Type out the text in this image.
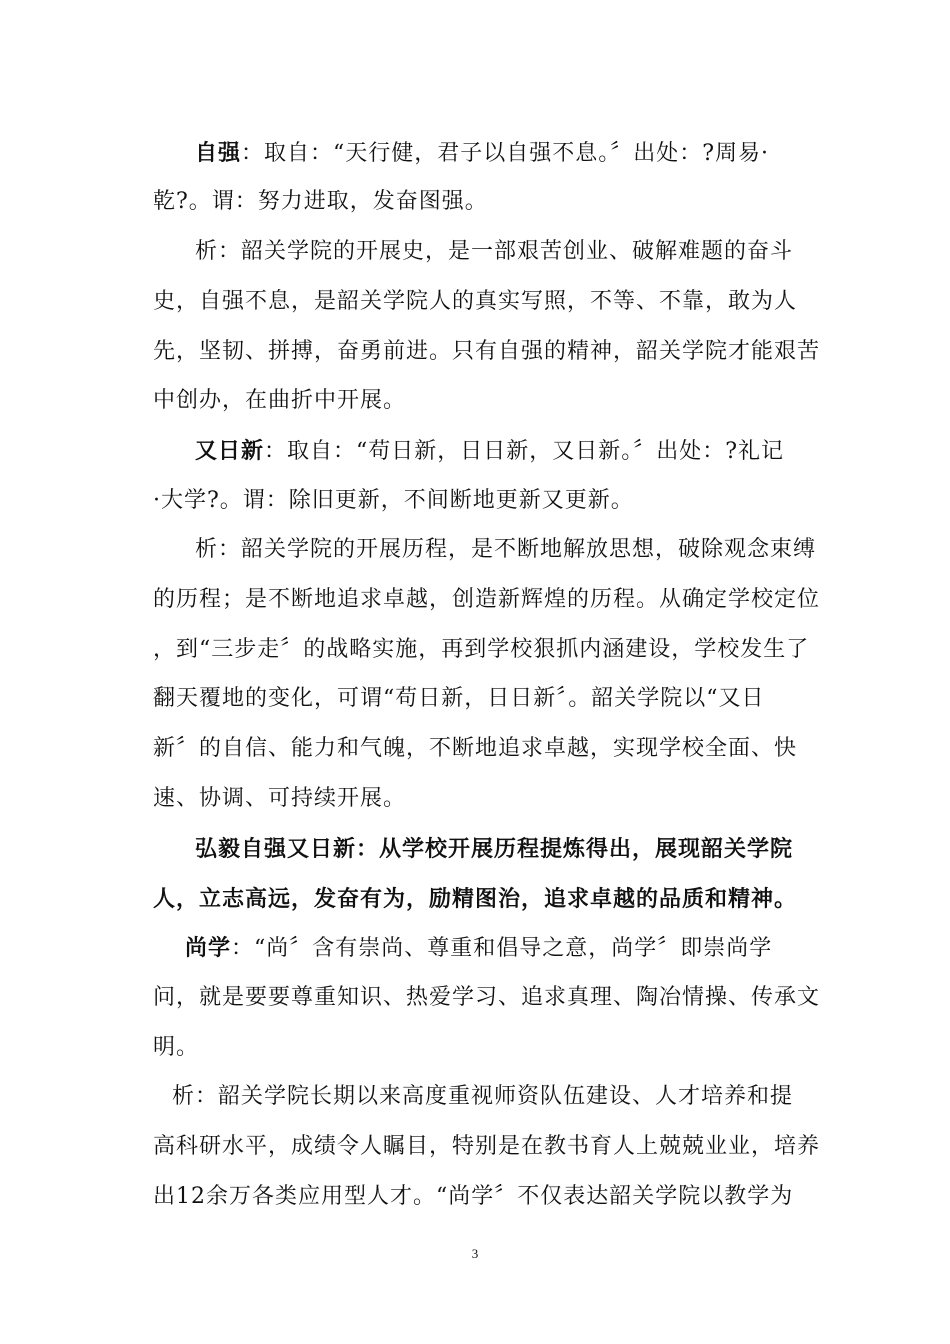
自强：取自：“天行健，君子以自强不息。〞出处：?周易·
乾?。谓：努力进取，发奋图强。
析：韶关学院的开展史，是一部艰苦创业、破解难题的奋斗
史，自强不息，是韶关学院人的真实写照，不等、不靠，敢为人
先，坚韧、拼搏，奋勇前进。只有自强的精神，韶关学院才能艰苦
中创办，在曲折中开展。
又日新：取自：“苟日新，日日新，又日新。〞出处：?礼记
·大学?。谓：除旧更新，不间断地更新又更新。
析：韶关学院的开展历程，是不断地解放思想，破除观念束缚
的历程；是不断地追求卓越，创造新辉煌的历程。从确定学校定位
，到“三步走〞的战略实施，再到学校狠抓内涵建设，学校发生了
翻天覆地的变化，可谓“苟日新，日日新〞。韶关学院以“又日
新〞的自信、能力和气魄，不断地追求卓越，实现学校全面、快
速、协调、可持续开展。
弘毅自强又日新：从学校开展历程提炼得出，展现韶关学院
人，立志高远，发奋有为，励精图治，追求卓越的品质和精神。
尚学：“尚〞含有崇尚、尊重和倡导之意，尚学〞即崇尚学
问，就是要要尊重知识、热爱学习、追求真理、陶冶情操、传承文
明。
析：韶关学院长期以来高度重视师资队伍建设、人才培养和提
高科研水平，成绩令人瞩目，特别是在教书育人上兢兢业业，培养
出12余万各类应用型人才。“尚学〞不仅表达韶关学院以教学为
3
